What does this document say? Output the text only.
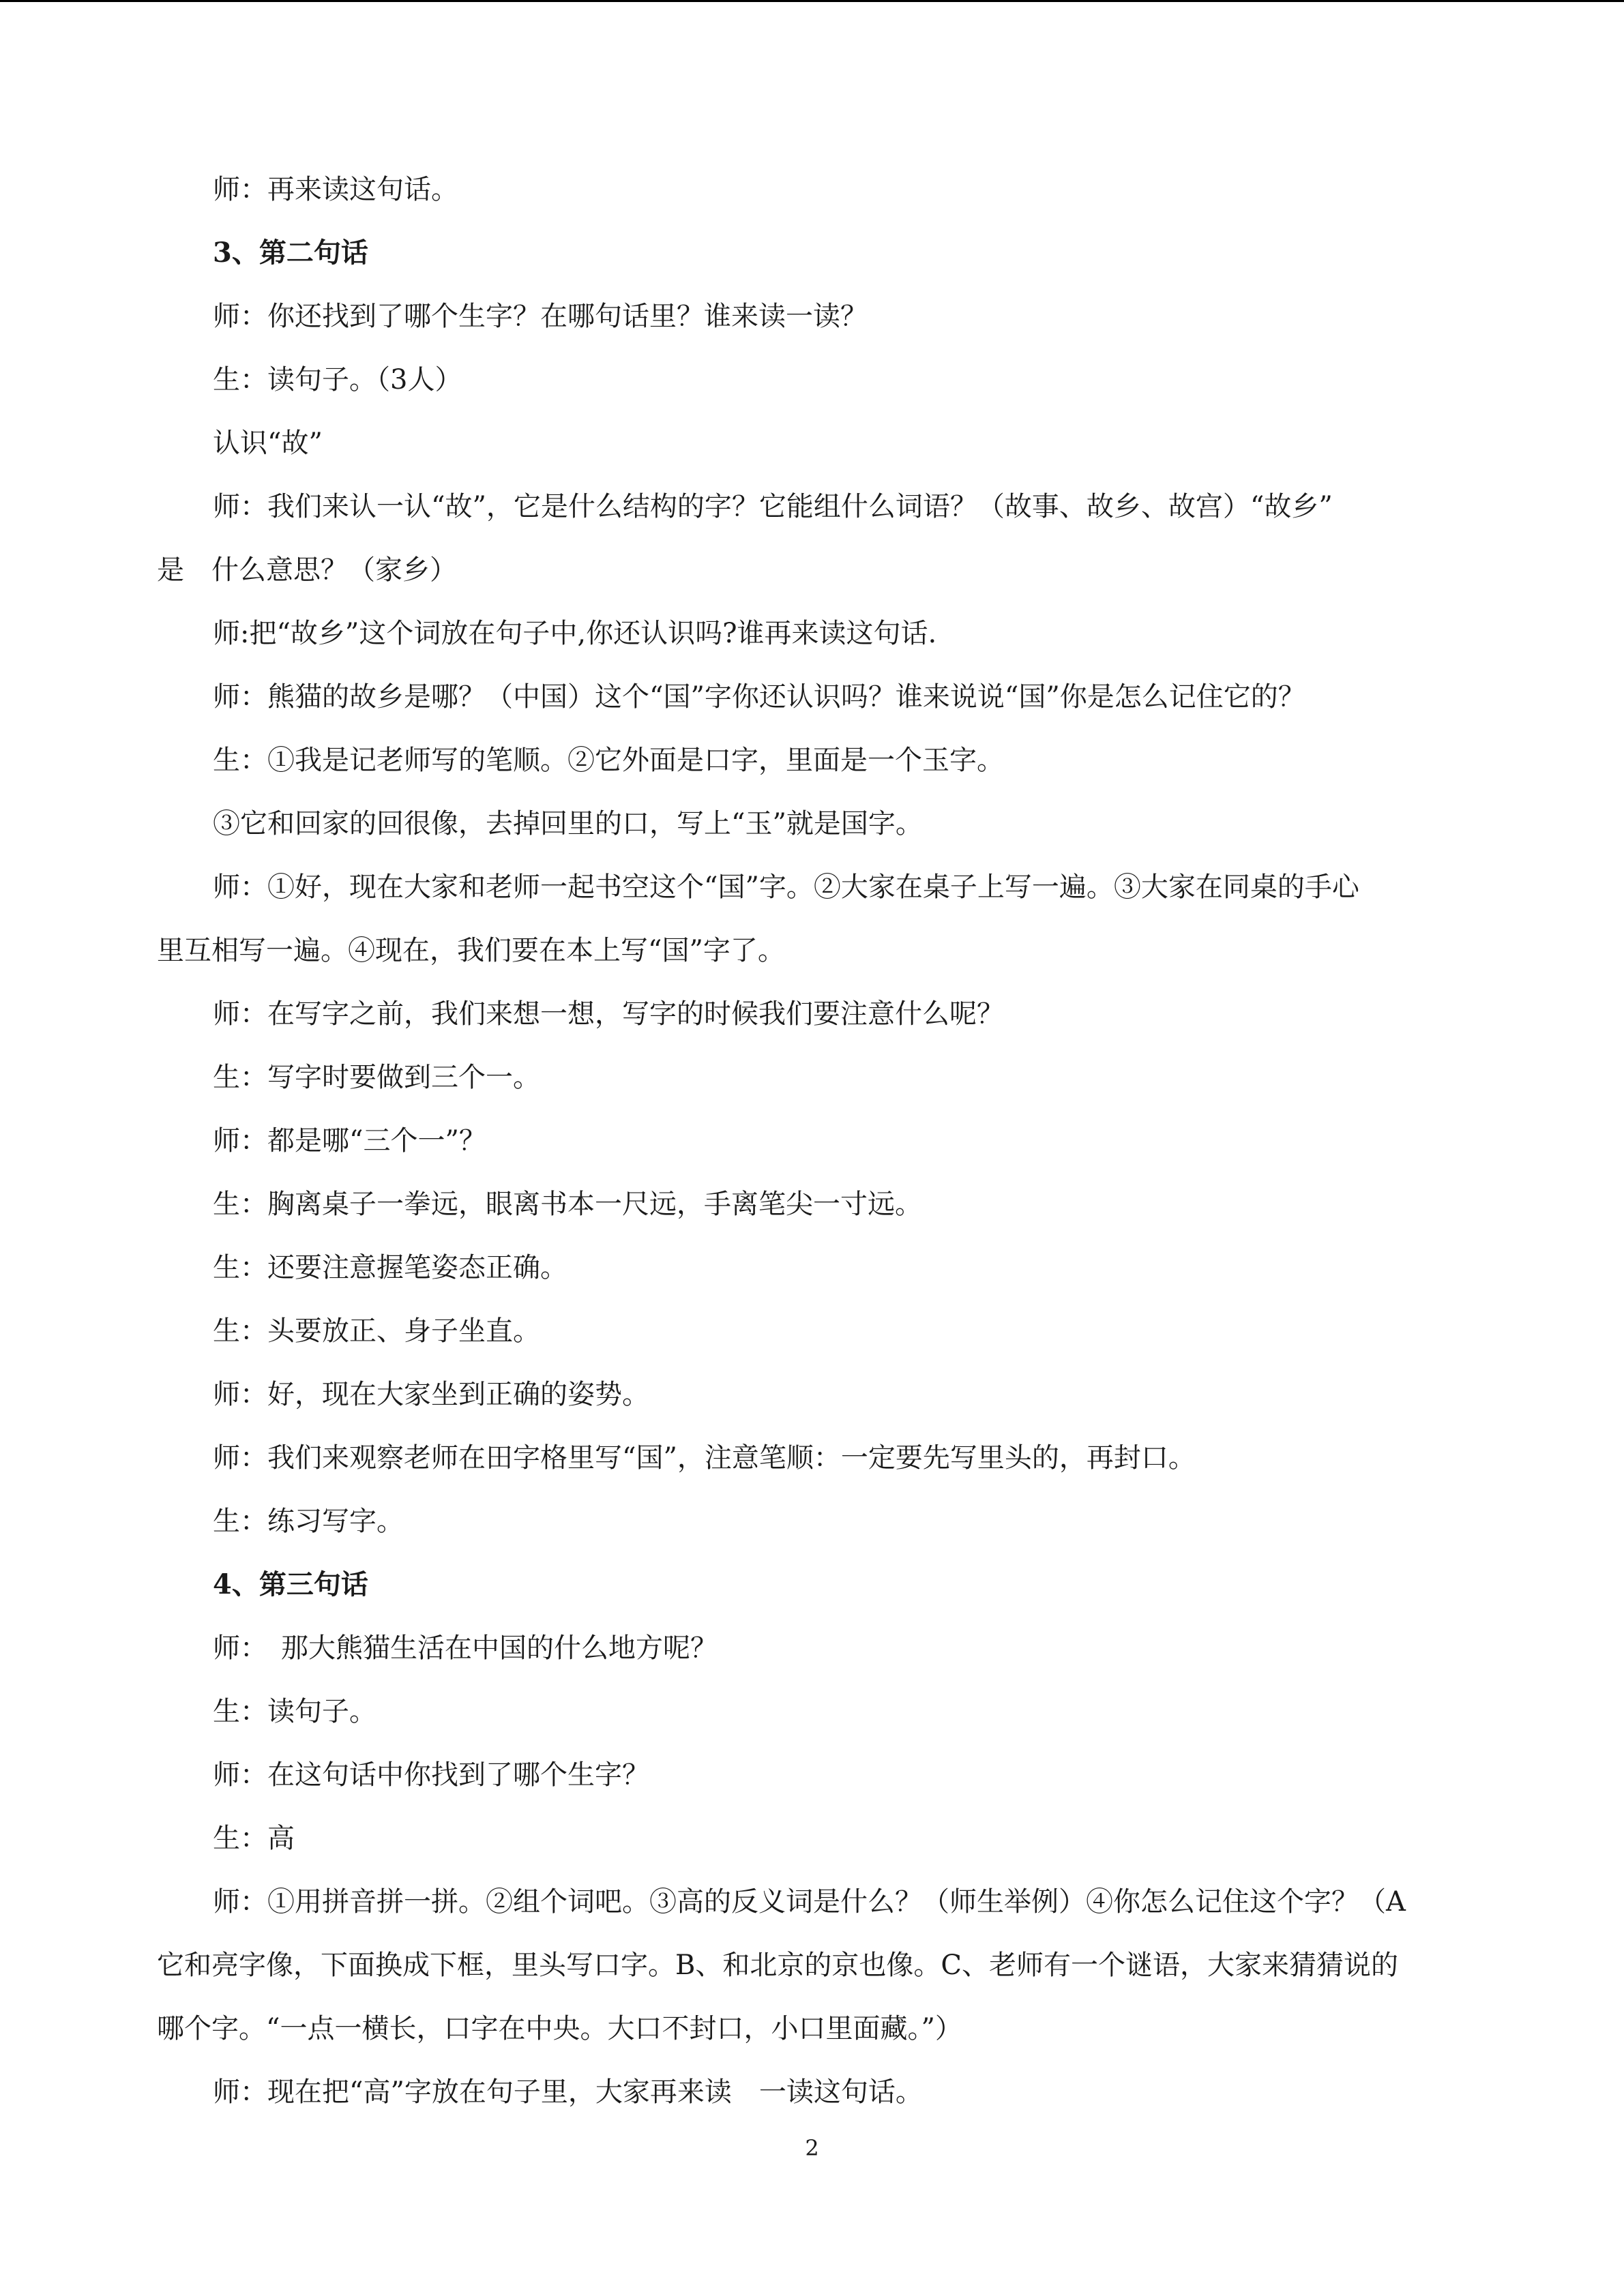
师：再来读这句话。
3、第二句话
师：你还找到了哪个生字？在哪句话里？谁来读一读？
生：读句子。（3人）
认识“故”
师：我们来认一认“故”，它是什么结构的字？它能组什么词语？（故事、故乡、故宫）“故乡”
是　什么意思？（家乡）
师:把“故乡”这个词放在句子中,你还认识吗?谁再来读这句话.
师：熊猫的故乡是哪？（中国）这个“国”字你还认识吗？谁来说说“国”你是怎么记住它的？
生：①我是记老师写的笔顺。②它外面是口字，里面是一个玉字。
③它和回家的回很像，去掉回里的口，写上“玉”就是国字。
师：①好，现在大家和老师一起书空这个“国”字。②大家在桌子上写一遍。③大家在同桌的手心
里互相写一遍。④现在，我们要在本上写“国”字了。
师：在写字之前，我们来想一想，写字的时候我们要注意什么呢？
生：写字时要做到三个一。
师：都是哪“三个一”？
生：胸离桌子一拳远，眼离书本一尺远，手离笔尖一寸远。
生：还要注意握笔姿态正确。
生：头要放正、身子坐直。
师：好，现在大家坐到正确的姿势。
师：我们来观察老师在田字格里写“国”，注意笔顺：一定要先写里头的，再封口。
生：练习写字。
4、第三句话
师：　那大熊猫生活在中国的什么地方呢？
生：读句子。
师：在这句话中你找到了哪个生字？
生：高
师：①用拼音拼一拼。②组个词吧。③高的反义词是什么？（师生举例）④你怎么记住这个字？（A
它和亮字像，下面换成下框，里头写口字。B、和北京的京也像。C、老师有一个谜语，大家来猜猜说的
哪个字。“一点一横长，口字在中央。大口不封口，小口里面藏。”）
师：现在把“高”字放在句子里，大家再来读　一读这句话。
2
